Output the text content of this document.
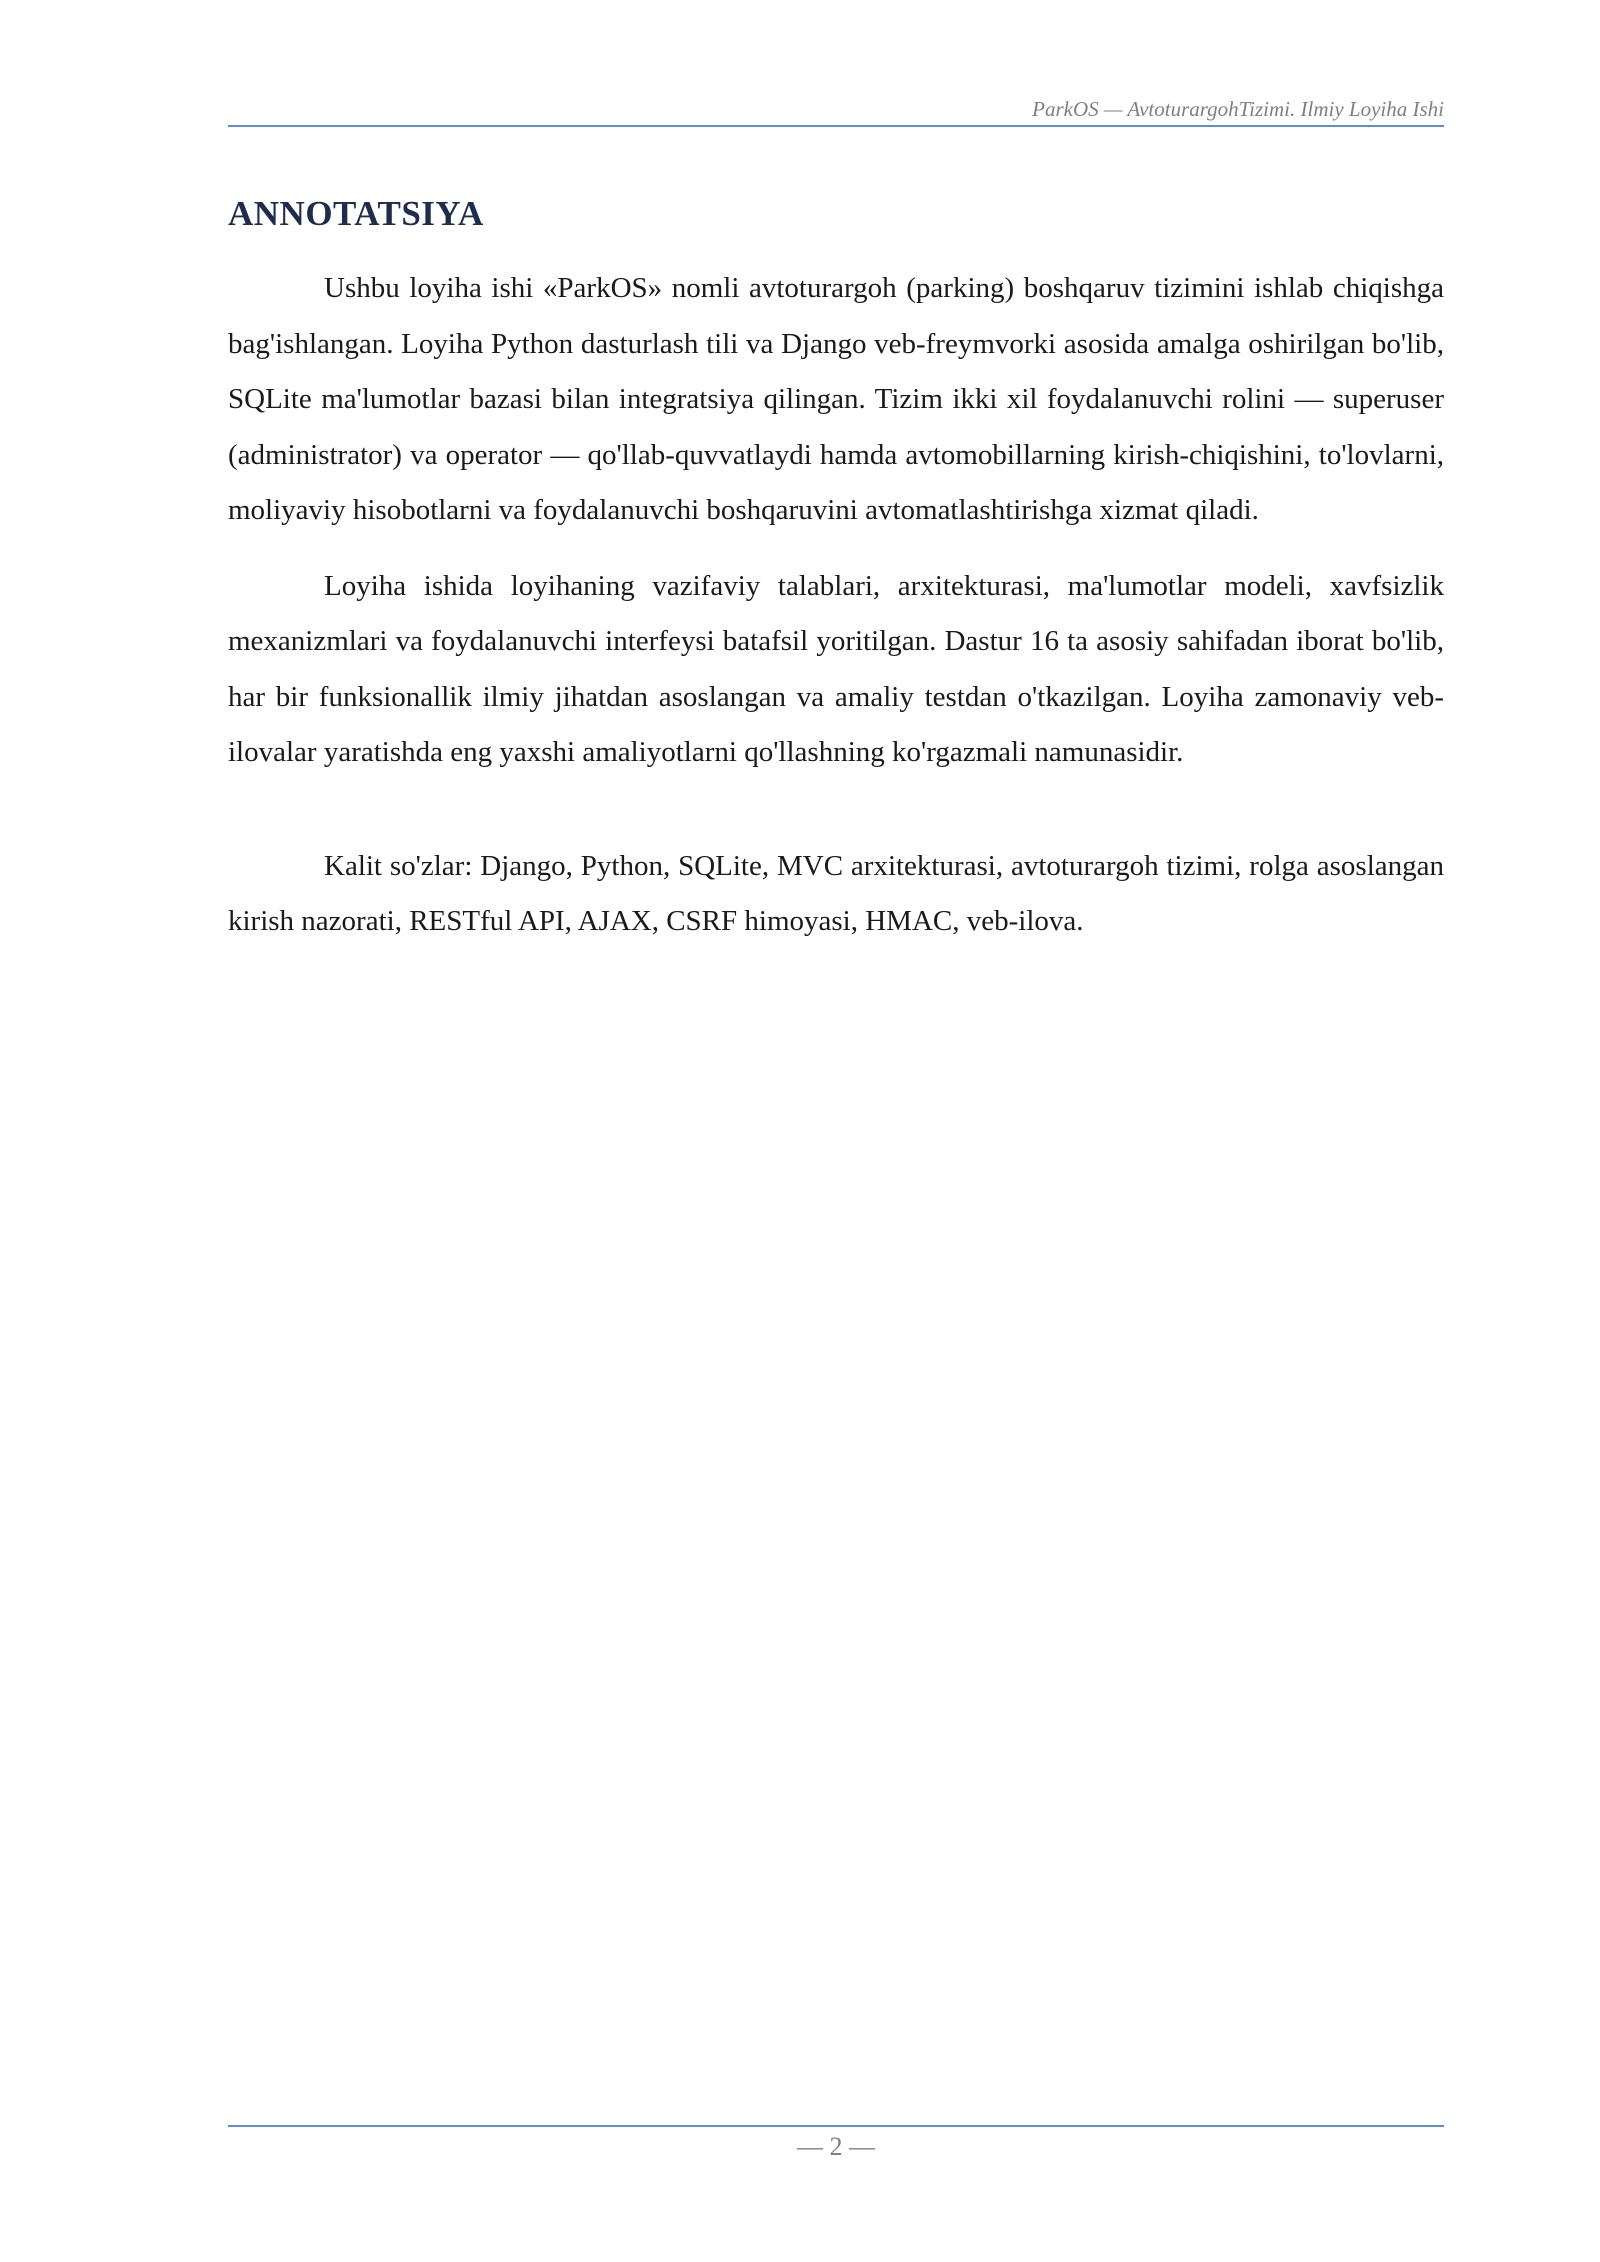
ParkOS — AvtoturargohTizimi. Ilmiy Loyiha Ishi
ANNOTATSIYA

Ushbu loyiha ishi «ParkOS» nomli avtoturargoh (parking) boshqaruv tizimini ishlab chiqishga bag'ishlangan. Loyiha Python dasturlash tili va Django veb-freymvorki asosida amalga oshirilgan bo'lib, SQLite ma'lumotlar bazasi bilan integratsiya qilingan. Tizim ikki xil foydalanuvchi rolini — superuser (administrator) va operator — qo'llab-quvvatlaydi hamda avtomobillarning kirish-chiqishini, to'lovlarni, moliyaviy hisobotlarni va foydalanuvchi boshqaruvini avtomatlashtirishga xizmat qiladi.

Loyiha ishida loyihaning vazifaviy talablari, arxitekturasi, ma'lumotlar modeli, xavfsizlik mexanizmlari va foydalanuvchi interfeysi batafsil yoritilgan. Dastur 16 ta asosiy sahifadan iborat bo'lib, har bir funksionallik ilmiy jihatdan asoslangan va amaliy testdan o'tkazilgan. Loyiha zamonaviy veb-ilovalar yaratishda eng yaxshi amaliyotlarni qo'llashning ko'rgazmali namunasidir.

Kalit so'zlar: Django, Python, SQLite, MVC arxitekturasi, avtoturargoh tizimi, rolga asoslangan kirish nazorati, RESTful API, AJAX, CSRF himoyasi, HMAC, veb-ilova.

— 2 —
